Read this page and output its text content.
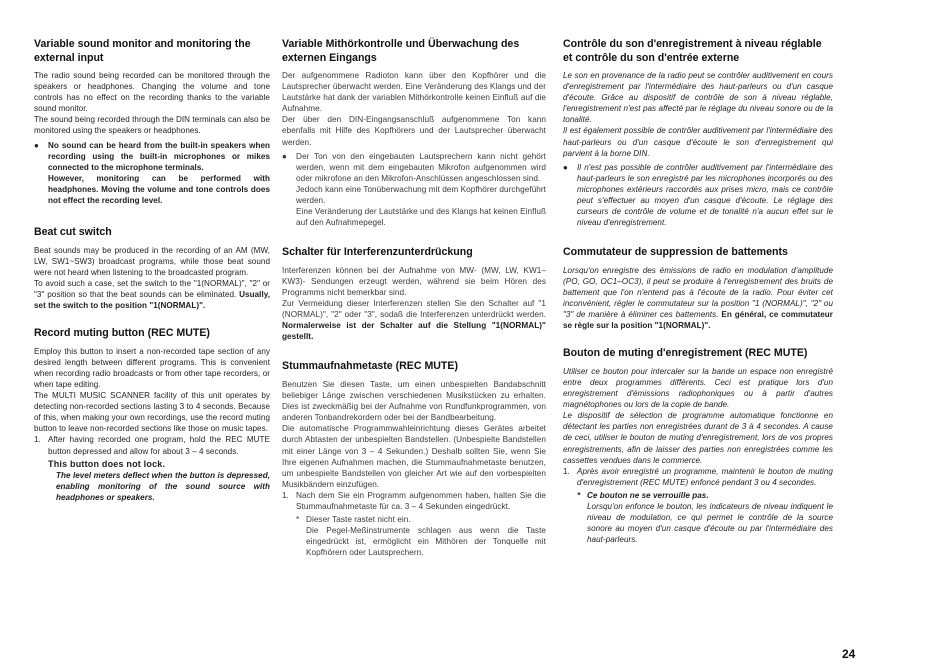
Variable sound monitor and monitoring the external input

The radio sound being recorded can be monitored through the speakers or headphones. Changing the volume and tone controls has no effect on the recording thanks to the variable sound monitor.

The sound being recorded through the DIN terminals can also be monitored using the speakers or headphones.

●	No sound can be heard from the built-in speakers when recording using the built-in microphones or mikes connected to the microphone terminals.

However, monitoring can be performed with headphones. Moving the volume and tone controls does not effect the recording level.

Beat cut switch

Beat sounds may be produced in the recording of an AM (MW, LW, SW1~SW3) broadcast programs, while those beat sound were not heard when listening to the broadcasted program.

To avoid such a case, set the switch to the "1(NORMAL)", "2" or "3" position so that the beat sounds can be eliminated. Usually, set the switch to the position "1(NORMAL)".

Record muting button (REC MUTE)

Employ this button to insert a non-recorded tape section of any desired length between different programs. This is convenient when recording radio broadcasts or from other tape recorders, or when tape editing.

The MULTI MUSIC SCANNER facility of this unit operates by detecting non-recorded sections lasting 3 to 4 seconds. Because of this, when making your own recordings, use the record muting button to leave non-recorded sections like those on music tapes.

1. After having recorded one program, hold the REC MUTE button depressed and allow for about 3 – 4 seconds.

This button does not lock.

The level meters deflect when the button is depressed, enabling monitoring of the sound source with headphones or speakers.

Variable Mithörkontrolle und Überwachung des externen Eingangs

Der aufgenommene Radioton kann über den Kopfhörer und die Lautsprecher überwacht werden. Eine Veränderung des Klangs und der Lautstärke hat dank der variablen Mithörkontrolle keinen Einfluß auf die Aufnahme.

Der über den DIN-Eingangsanschluß aufgenommene Ton kann ebenfalls mit Hilfe des Kopfhörers und der Lautsprecher überwacht werden.

●	Der Ton von den eingebauten Lautsprechern kann nicht gehört werden, wenn mit dem eingebauten Mikrofon aufgenommen wird oder mikrofone an den Mikrofon-Anschlüssen angeschlossen sind.

Jedoch kann eine Tonüberwachung mit dem Kopfhörer durchgeführt werden.

Eine Veränderung der Lautstärke und des Klangs hat keinen Einfluß auf den Aufnahmepegel.

Schalter für Interferenzunterdrückung

Interferenzen können bei der Aufnahme von MW- (MW, LW, KW1–KW3)- Sendungen erzeugt werden, während sie beim Hören des Programms nicht bemerkbar sind.

Zur Vermeidung dieser Interferenzen stellen Sie den Schalter auf "1 (NORMAL)", "2" oder "3", sodaß die Interferenzen unterdrückt werden. Normalerweise ist der Schalter auf die Stellung "1(NORMAL)" gestellt.

Stummaufnahmetaste (REC MUTE)

Benutzen Sie diesen Taste, um einen unbespielten Bandabschnitt beliebiger Länge zwischen verschiedenen Musikstücken zu erhalten. Dies ist zweckmäßig bei der Aufnahme von Rundfunkprogrammen, von anderen Tonbandrekordern oder bei der Bandbearbeitung.

Die automatische Programmwahleinrichtung dieses Gerätes arbeitet durch Abtasten der unbespielten Bandstellen. (Unbespielte Bandstellen mit einer Länge von 3 – 4 Sekunden.) Deshalb sollten Sie, wenn Sie Ihre eigenen Aufnahmen machen, die Stummaufnahmetaste benutzen, um unbespielte Bandstellen von gleicher Art wie auf den vorbespielten Musikbändern einzufügen.

1. Nach dem Sie ein Programm aufgenommen haben, halten Sie die Stummaufnahmetaste für ca. 3 – 4 Sekunden eingedrückt.

* Dieser Taste rastet nicht ein.

Die Pegel-Meßinstrumente schlagen aus wenn die Taste eingedrückt ist, ermöglicht ein Mithören der Tonquelle mit Kopfhörern oder Lautsprechern.

Contrôle du son d'enregistrement à niveau réglable et contrôle du son d'entrée externe

Le son en provenance de la radio peut se contrôler auditivement en cours d'enregistrement par l'intermédiaire des haut-parleurs ou d'un casque d'écoute. Grâce au dispositif de contrôle de son à niveau réglable, l'enregistrement n'est pas affecté par le réglage du niveau sonore ou de la tonalité.

Il est également possible de contrôler auditivement par l'intermédiaire des haut-parleurs ou d'un casque d'écoute le son d'enregistrement qui parvient à la borne DIN.

●	Il n'est pas possible de contrôler auditivement par l'intermédiaire des haut-parleurs le son enregistré par les microphones incorporés ou des microphones extérieurs raccordés aux prises micro, mais ce contrôle peut s'effectuer au moyen d'un casque d'écoute. Le réglage des curseurs de contrôle de volume et de tonalité n'a aucun effet sur le niveau d'enregistrement.

Commutateur de suppression de battements

Lorsqu'on enregistre des émissions de radio en modulation d'amplitude (PO, GO, OC1–OC3), il peut se produire à l'enregistrement des bruits de battement que l'on n'entend pas à l'écoute de la radio. Pour éviter cet inconvénient, régler le commutateur sur la position "1 (NORMAL)", "2" ou "3" de manière à éliminer ces battements. En général, ce commutateur se règle sur la position "1(NORMAL)".

Bouton de muting d'enregistrement (REC MUTE)

Utiliser ce bouton pour intercaler sur la bande un espace non enregistré entre deux programmes différents. Ceci est pratique lors d'un enregistrement d'émissions radiophoniques ou à partir d'autres magnétophones ou lors de la copie de bande.

Le dispositif de sélection de programme automatique fonctionne en détectant les parties non enregistrées durant de 3 à 4 secondes. A cause de ceci, utiliser le bouton de muting d'enregistrement, lors de vos propres enregistrements, afin de laisser des parties non enregistrées comme les cassettes vendues dans le commerce.

1. Après avoir enregistré un programme, maintenir le bouton de muting d'enregistrement (REC MUTE) enfoncé pendant 3 ou 4 secondes.

* Ce bouton ne se verrouille pas.

Lorsqu'on enfonce le bouton, les indicateurs de niveau indiquent le niveau de modulation, ce qui permet le contrôle de la source sonore au moyen d'un casque d'écoute ou par l'intermédiaire des haut-parleurs.

24
